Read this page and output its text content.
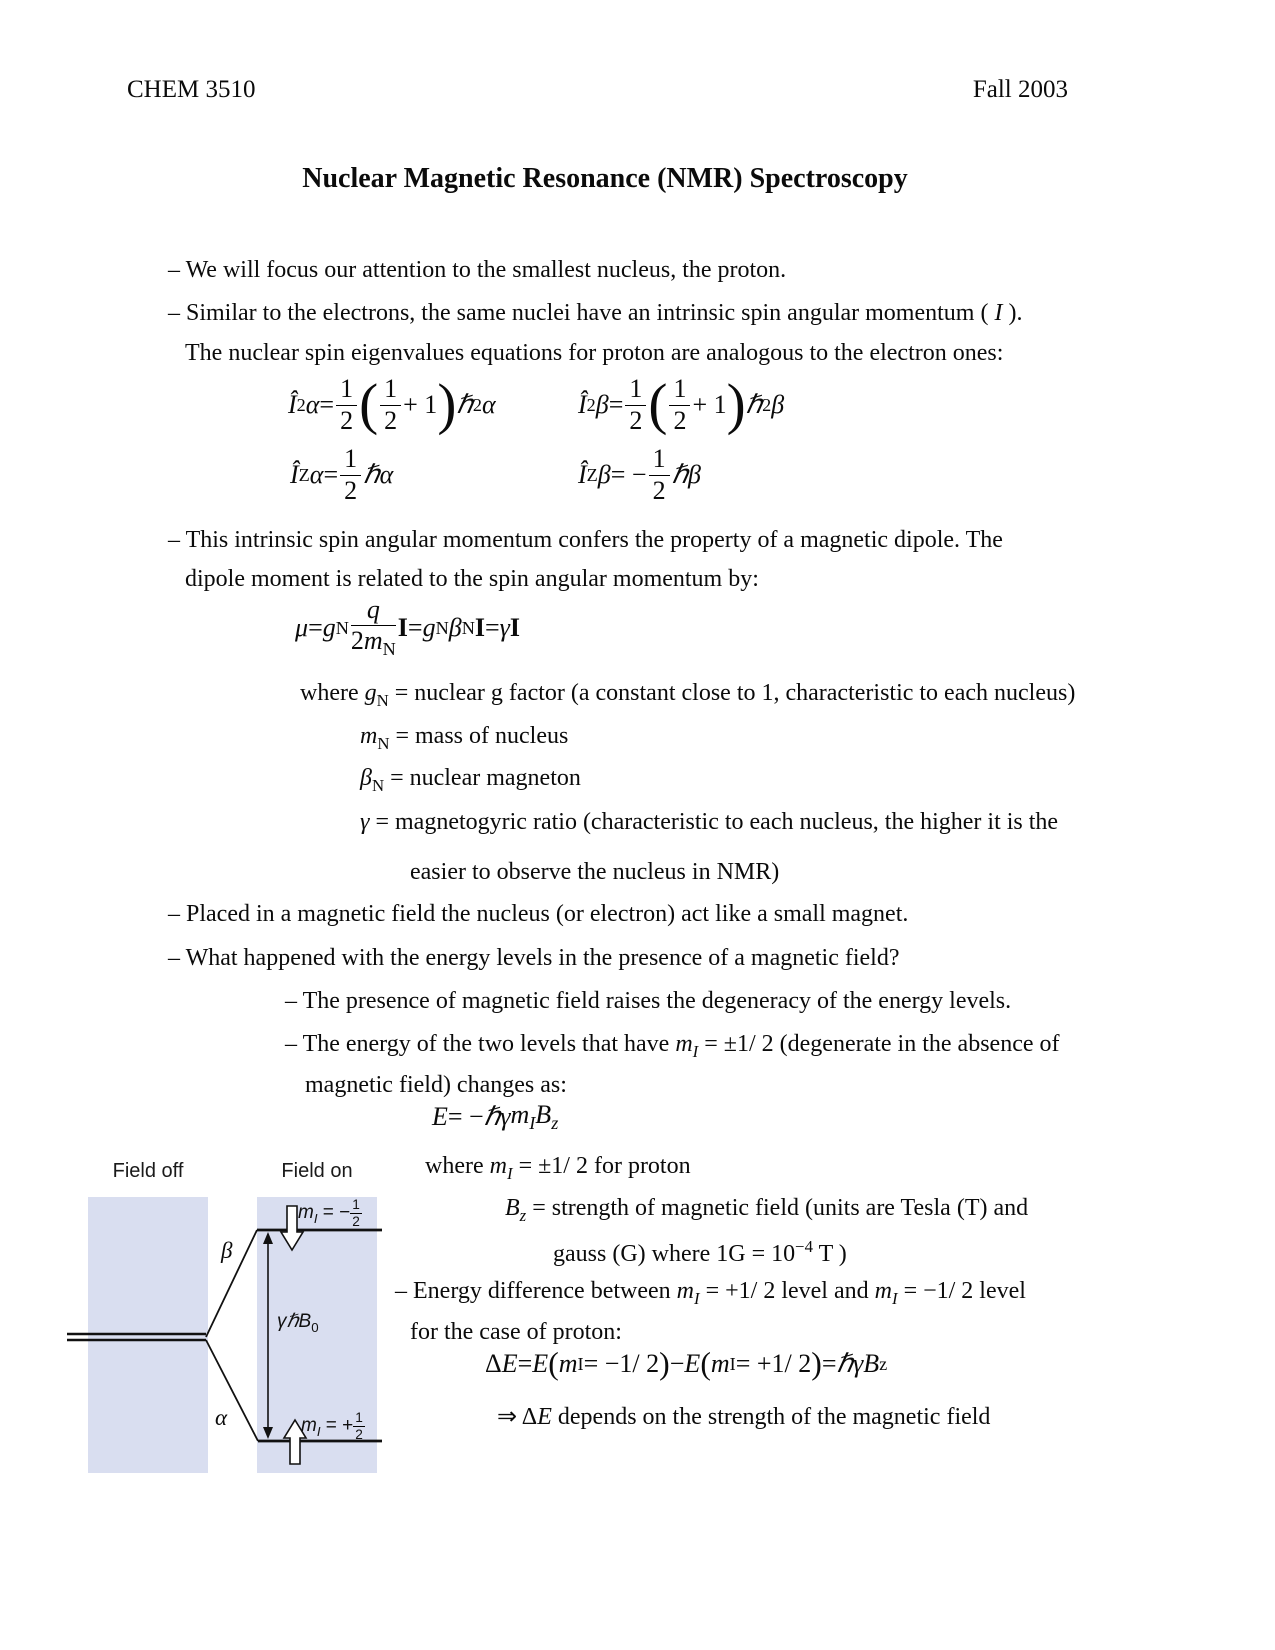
CHEM 3510	Fall 2003
Nuclear Magnetic Resonance (NMR) Spectroscopy
– We will focus our attention to the smallest nucleus, the proton.
– Similar to the electrons, the same nuclei have an intrinsic spin angular momentum ( I ).
The nuclear spin eigenvalues equations for proton are analogous to the electron ones:
Î 2 $\alpha = \frac{1}{2}$ ( $\frac{1}{2} + 1$ ) ℏ 2 α	Î 2 $\beta = \frac{1}{2}$ ( $\frac{1}{2} + 1$ ) ℏ 2 β
Î Z $\alpha = \frac{1}{2}$ ℏα	Î Z β = − $\frac{1}{2}$ ℏβ
– This intrinsic spin angular momentum confers the property of a magnetic dipole. The
dipole moment is related to the spin angular momentum by:
μ = g N $\frac{q}{2m_N}$ I = g N β N I = γ I
where $g_N$ = nuclear g factor (a constant close to 1, characteristic to each nucleus)
$m_N$ = mass of nucleus
$\beta_N$ = nuclear magneton
γ = magnetogyric ratio (characteristic to each nucleus, the higher it is the
easier to observe the nucleus in NMR)
– Placed in a magnetic field the nucleus (or electron) act like a small magnet.
– What happened with the energy levels in the presence of a magnetic field?
– The presence of magnetic field raises the degeneracy of the energy levels.
– The energy of the two levels that have $m_I = \pm 1/$ 2 (degenerate in the absence of
magnetic field) changes as:
E = − ℏγ $m_I$ $B_z$
where $m_I = \pm 1/$ 2 for proton
$B_z$ = strength of magnetic field (units are Tesla (T) and
gauss (G) where $1G = 10^{-4}$ T )
– Energy difference between $m_I = +1/$ 2 level and $m_I = -1/$ 2 level
for the case of proton:
Δ E = E ( m I = −1/ 2 ) − E ( m I = +1/ 2 ) = ℏγ B z
⇒ ΔE depends on the strength of the magnetic field
Field off	Field on
β
α
γℏB$_0$
$m_I$ = − $\frac{1}{2}$
$m_I$ = + $\frac{1}{2}$
